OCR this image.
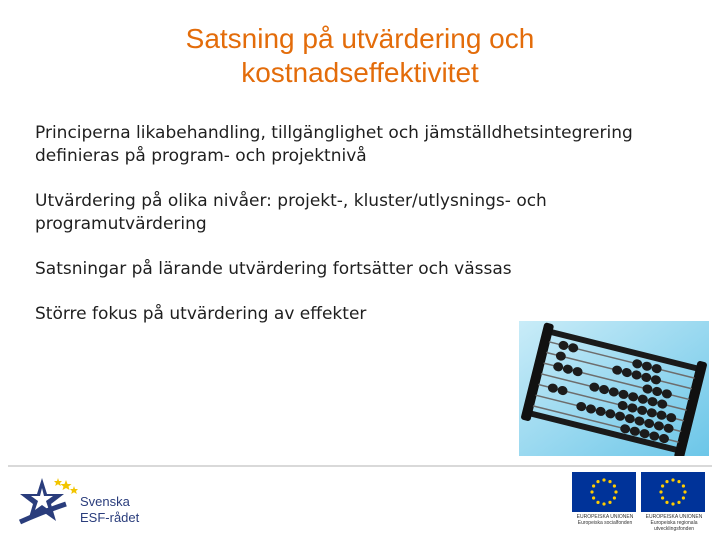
Satsning på utvärdering och
kostnadseffektivitet

Principerna likabehandling, tillgänglighet och jämställdhetsintegrering definieras på program- och projektnivå

Utvärdering på olika nivåer: projekt-, kluster/utlysnings- och programutvärdering

Satsningar på lärande utvärdering fortsätter och vässas

Större fokus på utvärdering av effekter

Svenska
ESF-rådet	EUROPEISKA UNIONEN Europeiska socialfonden
EUROPEISKA UNIONEN Europeiska regionala utvecklingsfonden
